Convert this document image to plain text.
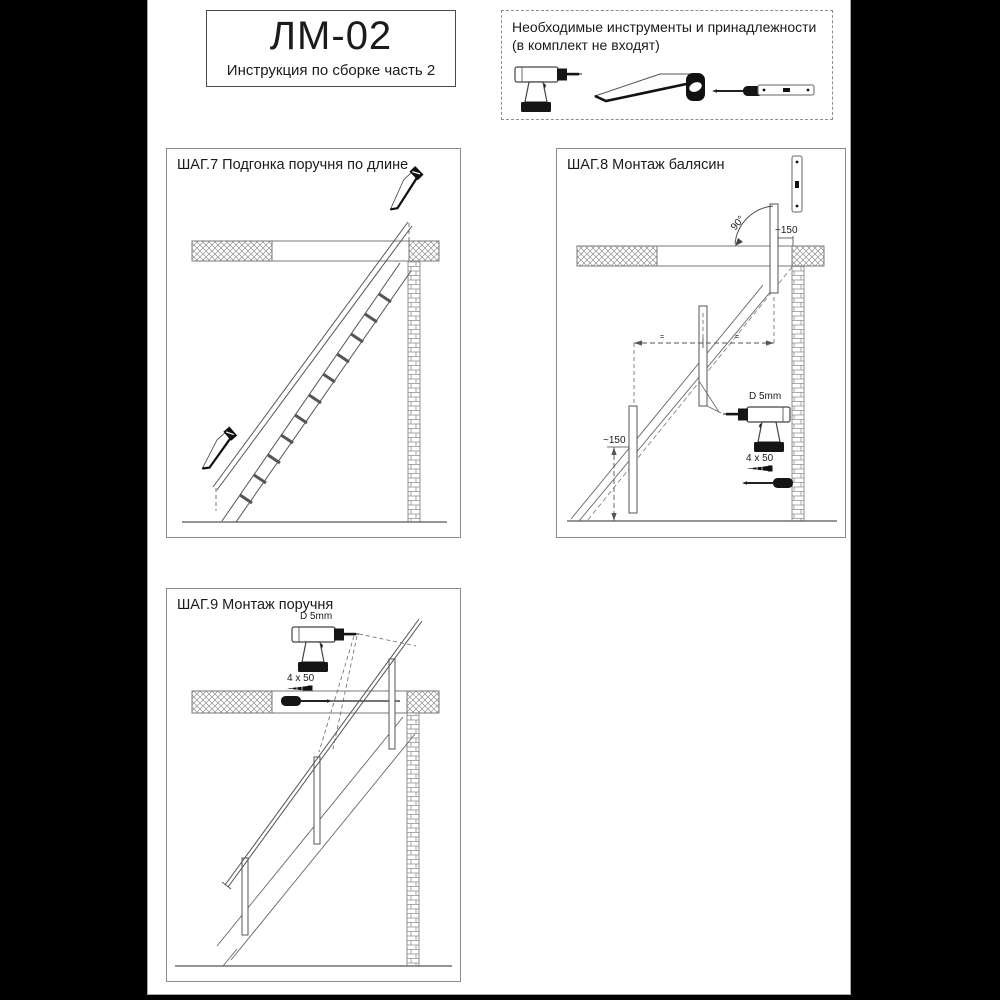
ЛМ-02
Инструкция по сборке часть 2
Необходимые инструменты и принадлежности
(в комплект не входят)
ШАГ.7 Подгонка поручня по длине	ШАГ.8 Монтаж балясин
90°	~150
=	=
~150
D 5mm
4 x 50
ШАГ.9 Монтаж поручня
D 5mm
4 x 50
